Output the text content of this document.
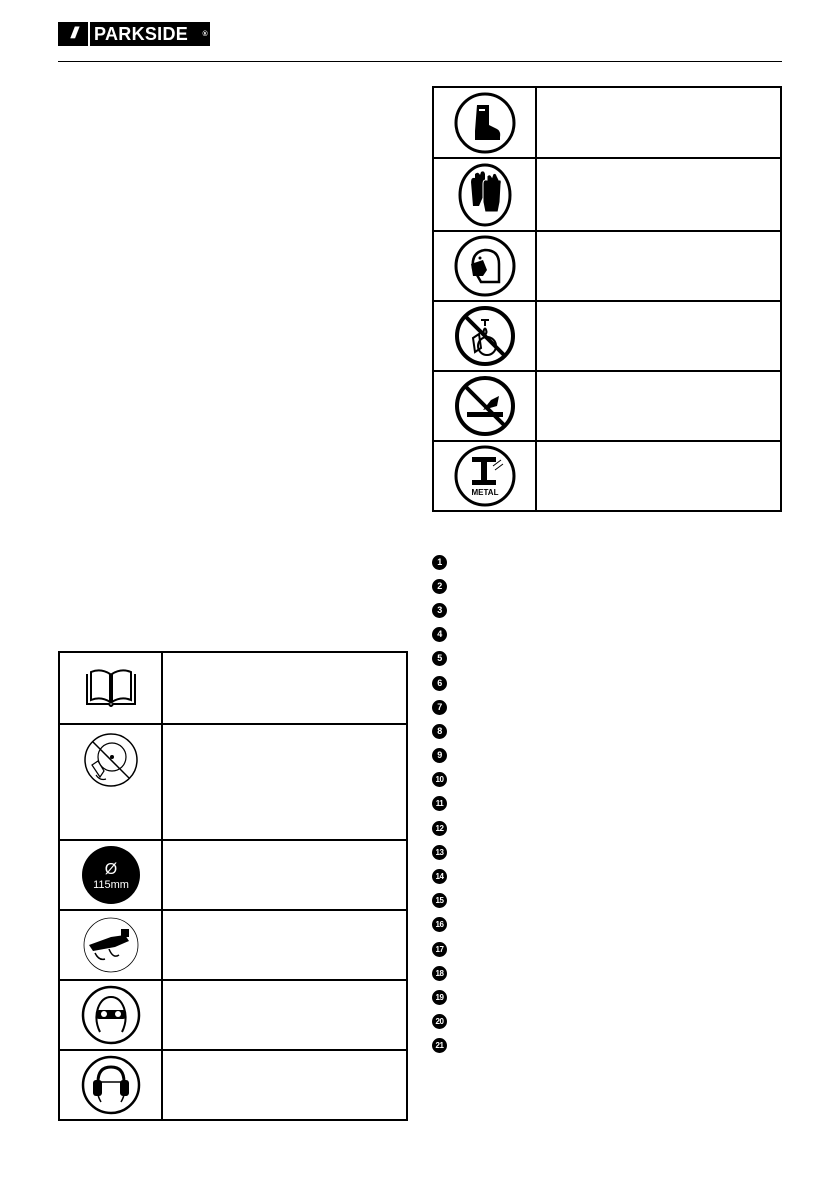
///	PARKSIDE ®

METAL	

1
2
3
4
5
6
7
8
9
10
11
12
13
14
15
16
17
18
19
20
21

Ø
115mm	
